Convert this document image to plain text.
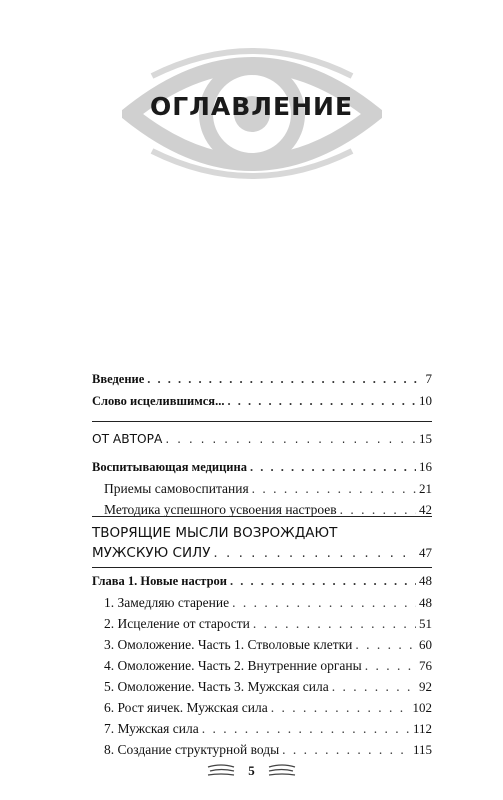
ОГЛАВЛЕНИЕ
Введение . . .	7
Слово исцелившимся... . . .	10
ОТ АВТОРА . . .	15
Воспитывающая медицина . . .	16
Приемы самовоспитания . . .	21
Методика успешного усвоения настроев . . .	42
ТВОРЯЩИЕ МЫСЛИ ВОЗРОЖДАЮТ
МУЖСКУЮ СИЛУ . . .	47
Глава 1. Новые настрои . . .	48
1. Замедляю старение . . .	48
2. Исцеление от старости . . .	51
3. Омоложение. Часть 1. Стволовые клетки . . .	60
4. Омоложение. Часть 2. Внутренние органы . . .	76
5. Омоложение. Часть 3. Мужская сила . . .	92
6. Рост яичек. Мужская сила . . .	102
7. Мужская сила . . .	112
8. Создание структурной воды . . .	115
5
